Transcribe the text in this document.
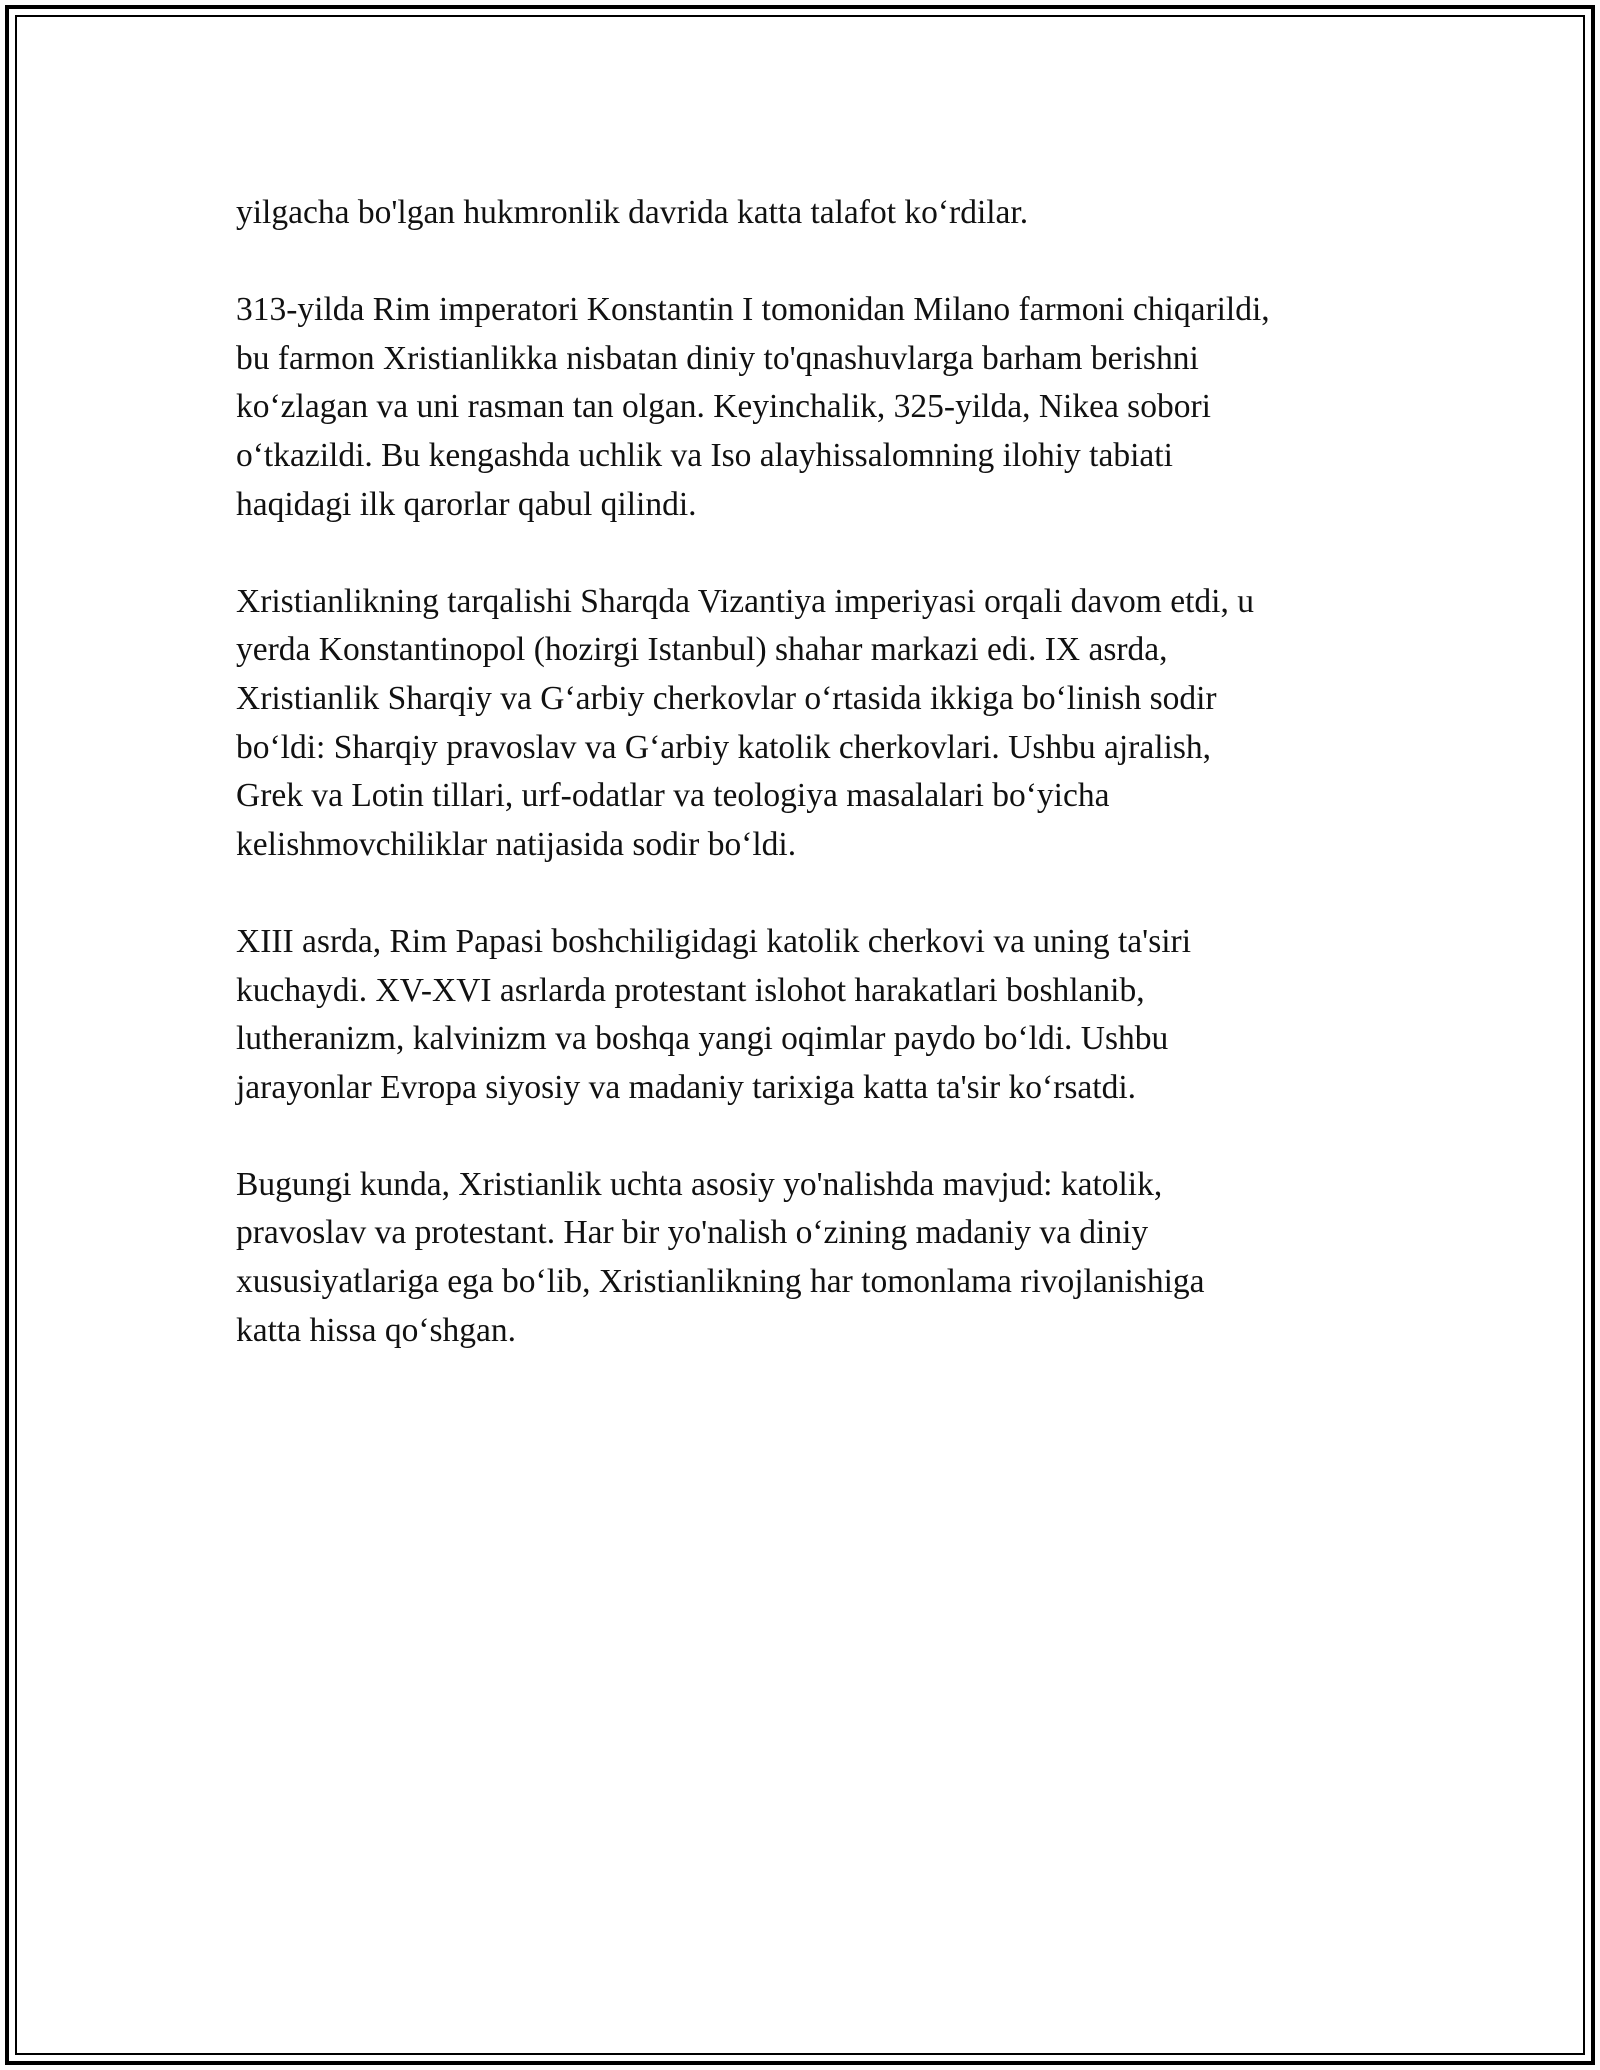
yilgacha bo'lgan hukmronlik davrida katta talafot ko‘rdilar.

313-yilda Rim imperatori Konstantin I tomonidan Milano farmoni chiqarildi,
bu farmon Xristianlikka nisbatan diniy to'qnashuvlarga barham berishni
ko‘zlagan va uni rasman tan olgan. Keyinchalik, 325-yilda, Nikea sobori
o‘tkazildi. Bu kengashda uchlik va Iso alayhissalomning ilohiy tabiati
haqidagi ilk qarorlar qabul qilindi.

Xristianlikning tarqalishi Sharqda Vizantiya imperiyasi orqali davom etdi, u
yerda Konstantinopol (hozirgi Istanbul) shahar markazi edi. IX asrda,
Xristianlik Sharqiy va G‘arbiy cherkovlar o‘rtasida ikkiga bo‘linish sodir
bo‘ldi: Sharqiy pravoslav va G‘arbiy katolik cherkovlari. Ushbu ajralish,
Grek va Lotin tillari, urf-odatlar va teologiya masalalari bo‘yicha
kelishmovchiliklar natijasida sodir bo‘ldi.

XIII asrda, Rim Papasi boshchiligidagi katolik cherkovi va uning ta'siri
kuchaydi. XV-XVI asrlarda protestant islohot harakatlari boshlanib,
lutheranizm, kalvinizm va boshqa yangi oqimlar paydo bo‘ldi. Ushbu
jarayonlar Evropa siyosiy va madaniy tarixiga katta ta'sir ko‘rsatdi.

Bugungi kunda, Xristianlik uchta asosiy yo'nalishda mavjud: katolik,
pravoslav va protestant. Har bir yo'nalish o‘zining madaniy va diniy
xususiyatlariga ega bo‘lib, Xristianlikning har tomonlama rivojlanishiga
katta hissa qo‘shgan.
